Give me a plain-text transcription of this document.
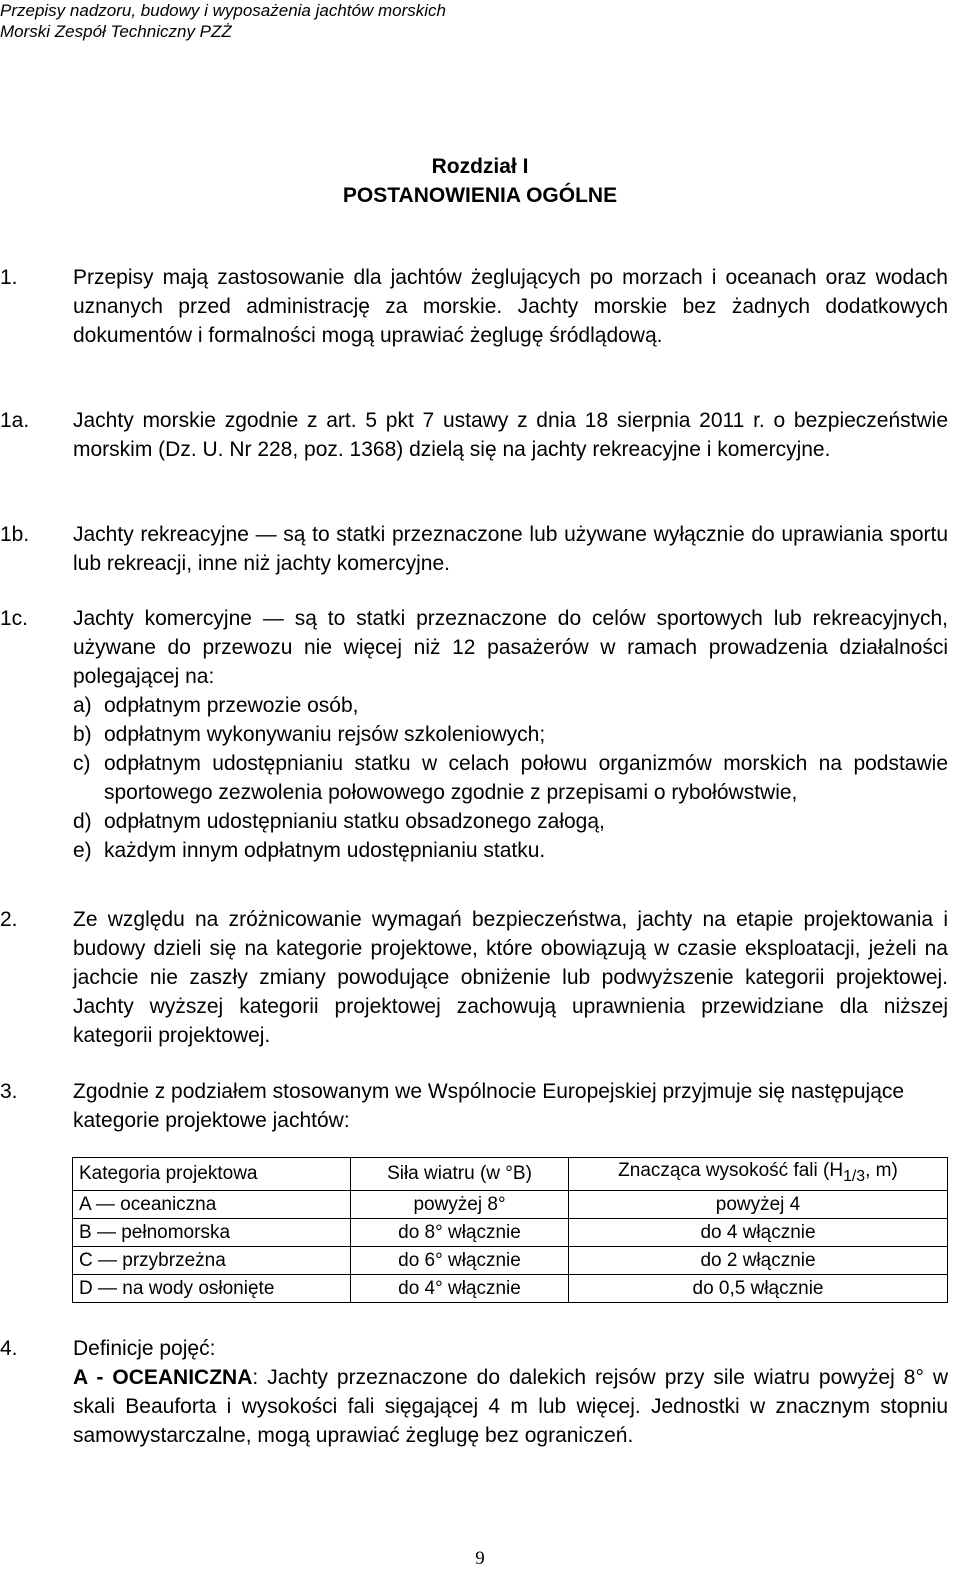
Przepisy nadzoru, budowy i wyposażenia jachtów morskich
Morski Zespół Techniczny PZŻ
Rozdział I
POSTANOWIENIA OGÓLNE
1.	Przepisy mają zastosowanie dla jachtów żeglujących po morzach i oceanach oraz wodach uznanych przed administrację za morskie. Jachty morskie bez żadnych dodatkowych dokumentów i formalności mogą uprawiać żeglugę śródlądową.
1a. Jachty morskie zgodnie z art. 5 pkt 7 ustawy z dnia 18 sierpnia 2011 r. o bezpieczeństwie morskim (Dz. U. Nr 228, poz. 1368) dzielą się na jachty rekreacyjne i komercyjne.
1b. Jachty rekreacyjne — są to statki przeznaczone lub używane wyłącznie do uprawiania sportu lub rekreacji, inne niż jachty komercyjne.
1c. Jachty komercyjne — są to statki przeznaczone do celów sportowych lub rekreacyjnych, używane do przewozu nie więcej niż 12 pasażerów w ramach prowadzenia działalności polegającej na:
a) odpłatnym przewozie osób,
b) odpłatnym wykonywaniu rejsów szkoleniowych;
c) odpłatnym udostępnianiu statku w celach połowu organizmów morskich na podstawie sportowego zezwolenia połowowego zgodnie z przepisami o rybołówstwie,
d) odpłatnym udostępnianiu statku obsadzonego załogą,
e) każdym innym odpłatnym udostępnianiu statku.
2.	Ze względu na zróżnicowanie wymagań bezpieczeństwa, jachty na etapie projektowania i budowy dzieli się na kategorie projektowe, które obowiązują w czasie eksploatacji, jeżeli na jachcie nie zaszły zmiany powodujące obniżenie lub podwyższenie kategorii projektowej. Jachty wyższej kategorii projektowej zachowują uprawnienia przewidziane dla niższej kategorii projektowej.
3.	Zgodnie z podziałem stosowanym we Wspólnocie Europejskiej przyjmuje się następujące kategorie projektowe jachtów:
Kategoria projektowa	Siła wiatru (w °B)	Znacząca wysokość fali ($H_{1/3}$, m)
A — oceaniczna	powyżej 8°	powyżej 4
B — pełnomorska	do 8° włącznie	do 4 włącznie
C — przybrzeżna	do 6° włącznie	do 2 włącznie
D — na wody osłonięte	do 4° włącznie	do 0,5 włącznie
4.	Definicje pojęć:
A - OCEANICZNA: Jachty przeznaczone do dalekich rejsów przy sile wiatru powyżej 8° w skali Beauforta i wysokości fali sięgającej 4 m lub więcej. Jednostki w znacznym stopniu samowystarczalne, mogą uprawiać żeglugę bez ograniczeń.
9
